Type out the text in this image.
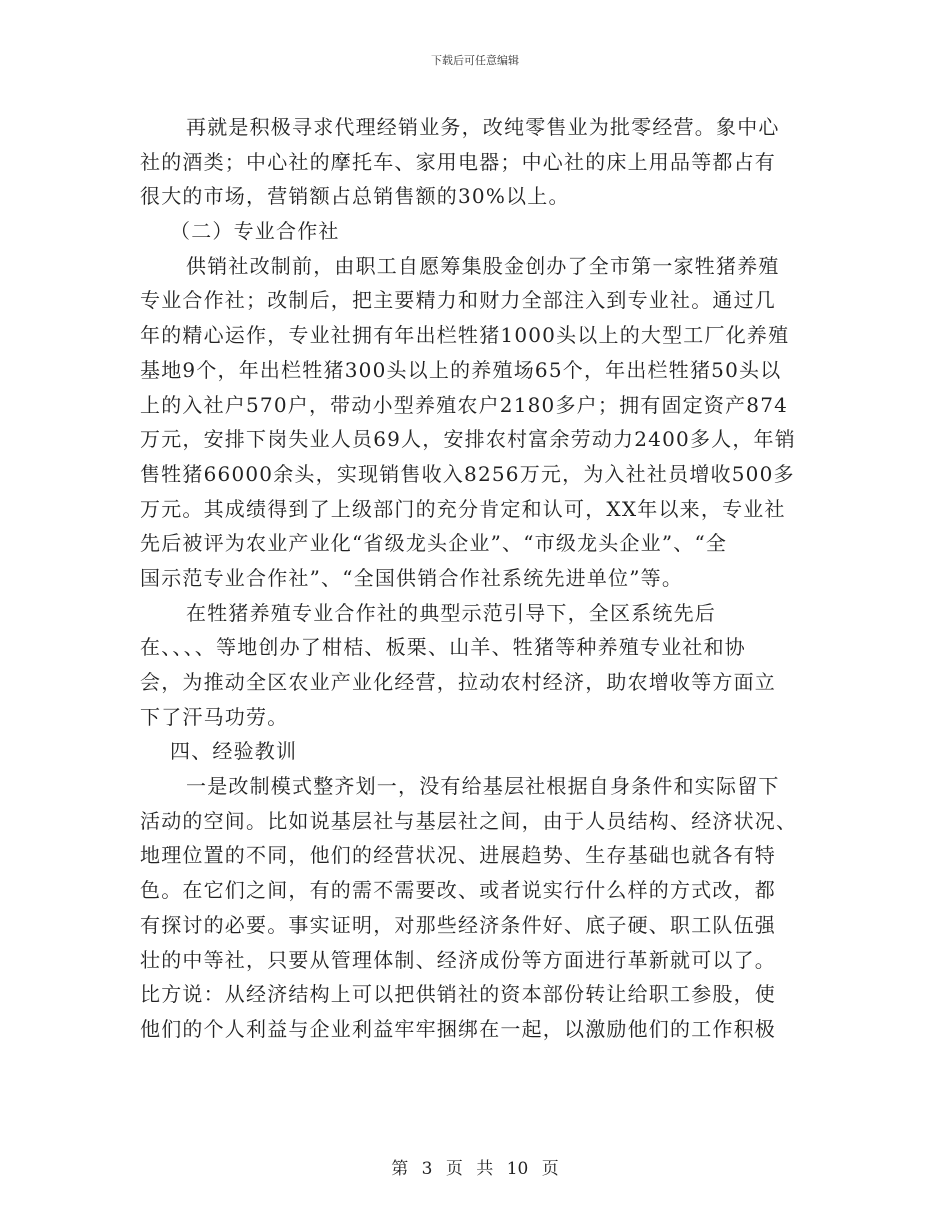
下载后可任意编辑
再就是积极寻求代理经销业务，改纯零售业为批零经营。象中心
社的酒类；中心社的摩托车、家用电器；中心社的床上用品等都占有
很大的市场，营销额占总销售额的30%以上。
（二）专业合作社
供销社改制前，由职工自愿筹集股金创办了全市第一家牲猪养殖
专业合作社；改制后，把主要精力和财力全部注入到专业社。通过几
年的精心运作，专业社拥有年出栏牲猪1000头以上的大型工厂化养殖
基地9个，年出栏牲猪300头以上的养殖场65个，年出栏牲猪50头以
上的入社户570户，带动小型养殖农户2180多户；拥有固定资产874
万元，安排下岗失业人员69人，安排农村富余劳动力2400多人，年销
售牲猪66000余头，实现销售收入8256万元，为入社社员增收500多
万元。其成绩得到了上级部门的充分肯定和认可，XX年以来，专业社
先后被评为农业产业化“省级龙头企业”、“市级龙头企业”、“全
国示范专业合作社”、“全国供销合作社系统先进单位”等。
在牲猪养殖专业合作社的典型示范引导下，全区系统先后
在、、、、等地创办了柑桔、板栗、山羊、牲猪等种养殖专业社和协
会，为推动全区农业产业化经营，拉动农村经济，助农增收等方面立
下了汗马功劳。
四、经验教训
一是改制模式整齐划一，没有给基层社根据自身条件和实际留下
活动的空间。比如说基层社与基层社之间，由于人员结构、经济状况、
地理位置的不同，他们的经营状况、进展趋势、生存基础也就各有特
色。在它们之间，有的需不需要改、或者说实行什么样的方式改，都
有探讨的必要。事实证明，对那些经济条件好、底子硬、职工队伍强
壮的中等社，只要从管理体制、经济成份等方面进行革新就可以了。
比方说：从经济结构上可以把供销社的资本部份转让给职工参股，使
他们的个人利益与企业利益牢牢捆绑在一起，以激励他们的工作积极
第 3 页 共 10 页
